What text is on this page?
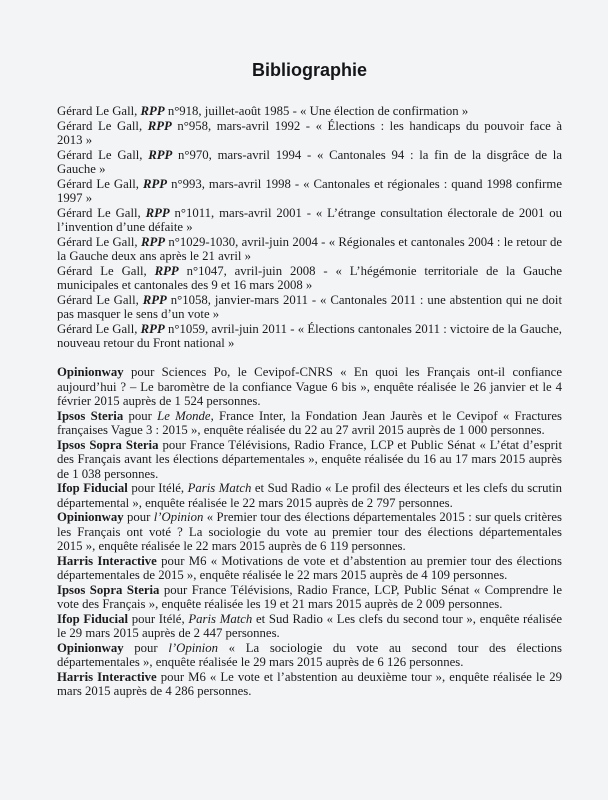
Bibliographie

Gérard Le Gall, RPP n°918, juillet-août 1985 - « Une élection de confirmation »

Gérard Le Gall, RPP n°958, mars-avril 1992 - « Élections : les handicaps du pouvoir face à 2013 »

Gérard Le Gall, RPP n°970, mars-avril 1994 - « Cantonales 94 : la fin de la disgrâce de la Gauche »

Gérard Le Gall, RPP n°993, mars-avril 1998 - « Cantonales et régionales : quand 1998 confirme 1997 »

Gérard Le Gall, RPP n°1011, mars-avril 2001 - « L’étrange consultation électorale de 2001 ou l’invention d’une défaite »

Gérard Le Gall, RPP n°1029-1030, avril-juin 2004 - « Régionales et cantonales 2004 : le retour de la Gauche deux ans après le 21 avril »

Gérard Le Gall, RPP n°1047, avril-juin 2008 - « L’hégémonie territoriale de la Gauche municipales et cantonales des 9 et 16 mars 2008 »

Gérard Le Gall, RPP n°1058, janvier-mars 2011 - « Cantonales 2011 : une abstention qui ne doit pas masquer le sens d’un vote »

Gérard Le Gall, RPP n°1059, avril-juin 2011 - « Élections cantonales 2011 : victoire de la Gauche, nouveau retour du Front national »

Opinionway pour Sciences Po, le Cevipof-CNRS « En quoi les Français ont-il confiance aujourd’hui ? – Le baromètre de la confiance Vague 6 bis », enquête réalisée le 26 janvier et le 4 février 2015 auprès de 1 524 personnes.

Ipsos Steria pour Le Monde, France Inter, la Fondation Jean Jaurès et le Cevipof « Fractures françaises Vague 3 : 2015 », enquête réalisée du 22 au 27 avril 2015 auprès de 1 000 personnes.

Ipsos Sopra Steria pour France Télévisions, Radio France, LCP et Public Sénat « L’état d’esprit des Français avant les élections départementales », enquête réalisée du 16 au 17 mars 2015 auprès de 1 038 personnes.

Ifop Fiducial pour Itélé, Paris Match et Sud Radio « Le profil des électeurs et les clefs du scrutin départemental », enquête réalisée le 22 mars 2015 auprès de 2 797 personnes.

Opinionway pour l’Opinion « Premier tour des élections départementales 2015 : sur quels critères les Français ont voté ? La sociologie du vote au premier tour des élections départementales 2015 », enquête réalisée le 22 mars 2015 auprès de 6 119 personnes.

Harris Interactive pour M6 « Motivations de vote et d’abstention au premier tour des élections départementales de 2015 », enquête réalisée le 22 mars 2015 auprès de 4 109 personnes.

Ipsos Sopra Steria pour France Télévisions, Radio France, LCP, Public Sénat « Comprendre le vote des Français », enquête réalisée les 19 et 21 mars 2015 auprès de 2 009 personnes.

Ifop Fiducial pour Itélé, Paris Match et Sud Radio « Les clefs du second tour », enquête réalisée le 29 mars 2015 auprès de 2 447 personnes.

Opinionway pour l’Opinion « La sociologie du vote au second tour des élections départementales », enquête réalisée le 29 mars 2015 auprès de 6 126 personnes.

Harris Interactive pour M6 « Le vote et l’abstention au deuxième tour », enquête réalisée le 29 mars 2015 auprès de 4 286 personnes.
